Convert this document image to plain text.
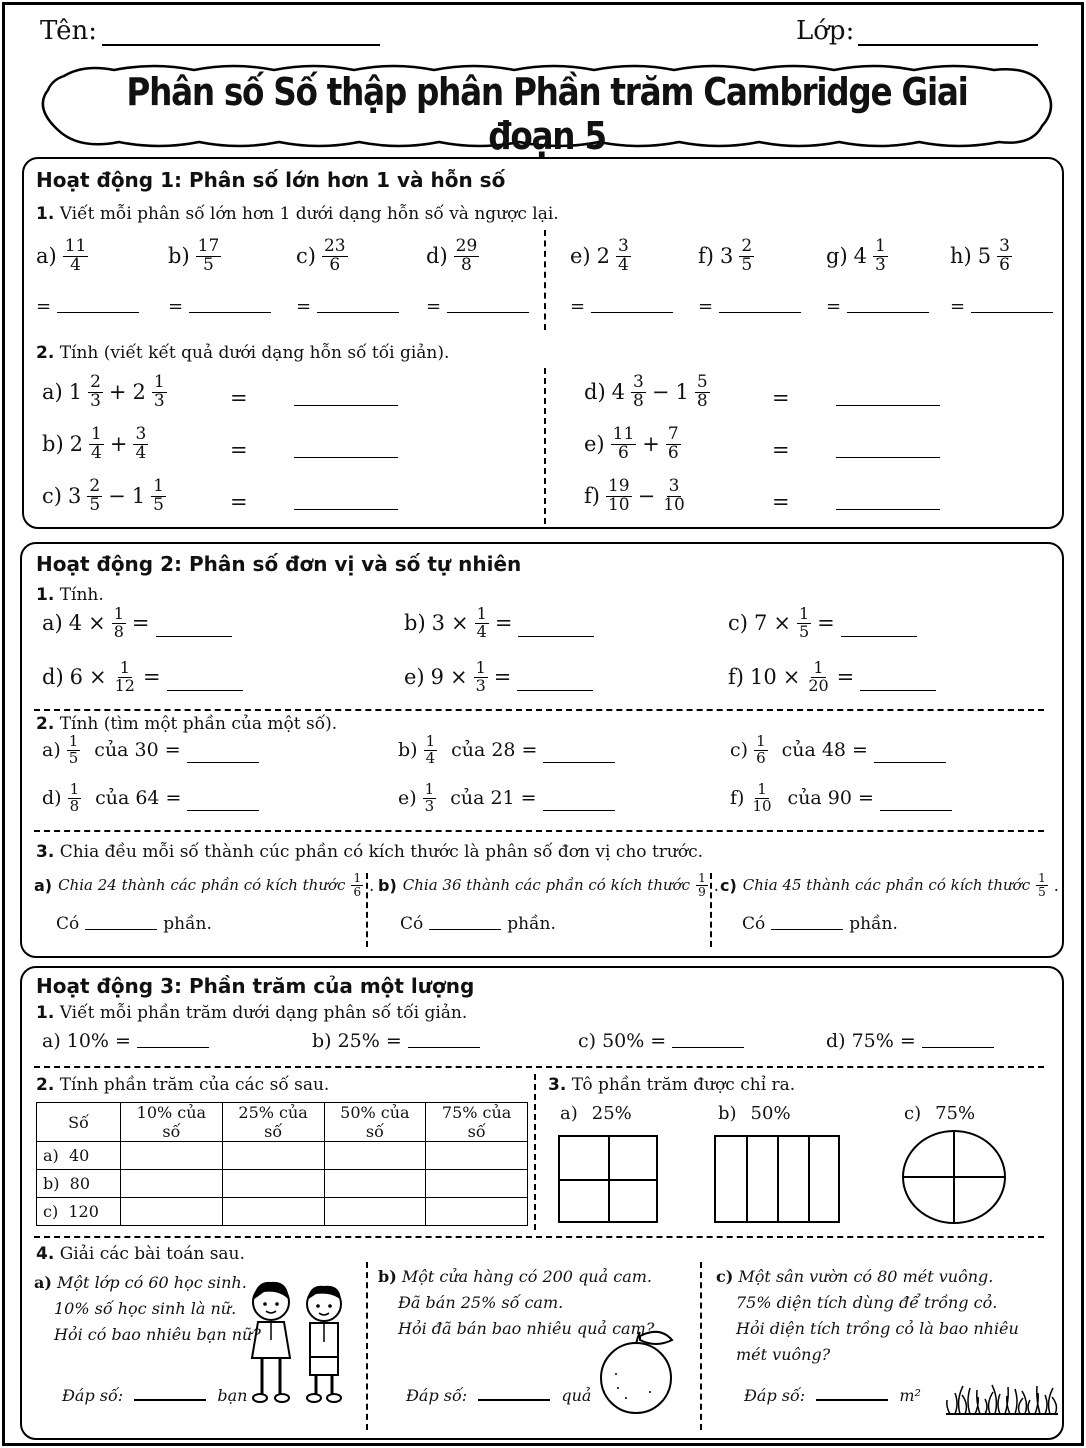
Tên:	Lớp:
Phân số Số thập phân Phần trăm Cambridge Giai đoạn 5
Hoạt động 1: Phân số lớn hơn 1 và hỗn số
1. Viết mỗi phân số lớn hơn 1 dưới dạng hỗn số và ngược lại.
$a) \frac{11}{4}$
=
$b) \frac{17}{5}$
=
$c) \frac{23}{6}$
=
$d) \frac{29}{8}$
=
e) $2 \frac{3}{4}$
=
f) $3 \frac{2}{5}$
=
g) $4 \frac{1}{3}$
=
h) $5 \frac{3}{6}$
=
2. Tính (viết kết quả dưới dạng hỗn số tối giản).
a) $1 \frac{2}{3} + 2 \frac{1}{3}$	=
b) $2 \frac{1}{4} + \frac{3}{4}$	=
c) $3 \frac{2}{5} - 1 \frac{1}{5}$	=
d) $4 \frac{3}{8} - 1 \frac{5}{8}$	=
$e) \frac{11}{6} + \frac{7}{6}$	=
$f) \frac{19}{10} - \frac{3}{10}$	=
Hoạt động 2: Phân số đơn vị và số tự nhiên
1. Tính.
a) $4 \times \frac{1}{8}$ =	b) $3 \times \frac{1}{4}$ =	c) $7 \times \frac{1}{5}$ =
d) $6 \times \frac{1}{12}$ =	e) $9 \times \frac{1}{3}$ =	f) $10 \times \frac{1}{20}$ =
2. Tính (tìm một phần của một số).
$a) \frac{1}{5}$ của 30 =	$b) \frac{1}{4}$ của 28 =	$c) \frac{1}{6}$ của 48 =
$d) \frac{1}{8}$ của 64 =	$e) \frac{1}{3}$ của 21 =	$f) \frac{1}{10}$ của 90 =
3. Chia đều mỗi số thành cúc phần có kích thước là phân số đơn vị cho trước.
a) Chia 24 thành các phần có kích thước $\frac{1}{6}$ .
Có	phần.
b) Chia 36 thành các phần có kích thước $\frac{1}{9}$ .
Có	phần.
c) Chia 45 thành các phần có kích thước $\frac{1}{5}$ .
Có	phần.
Hoạt động 3: Phần trăm của một lượng
1. Viết mỗi phần trăm dưới dạng phân số tối giản.
a) 10% =	b) 25% =	c) 50% =	d) 75% =
2. Tính phần trăm của các số sau.
Số	10% của số	25% của số	50% của số	75% của số
a)  40				
b)  80				
c)  120				
3. Tô phần trăm được chỉ ra.
a) 25%	b) 50%	c) 75%
4. Giải các bài toán sau.
a) Một lớp có 60 học sinh.
10% số học sinh là nữ.
Hỏi có bao nhiêu bạn nữ?
Đáp số:	bạn
b) Một cửa hàng có 200 quả cam.
Đã bán 25% số cam.
Hỏi đã bán bao nhiêu quả cam?
Đáp số:	quả
c) Một sân vườn có 80 mét vuông.
75% diện tích dùng để trồng cỏ.
Hỏi diện tích trồng cỏ là bao nhiêu
mét vuông?
Đáp số:	m²
